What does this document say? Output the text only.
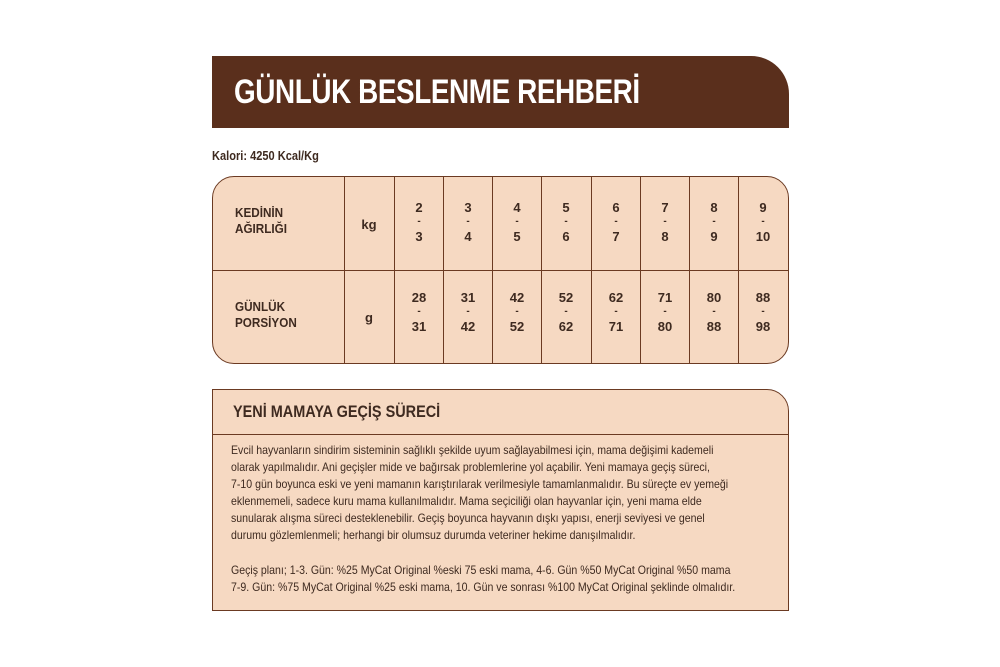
GÜNLÜK BESLENME REHBERİ
Kalori: 4250 Kcal/Kg
KEDİNİN
AĞIRLIĞI	kg
GÜNLÜK
PORSİYON	g
2
-
3
3
-
4
4
-
5
5
-
6
6
-
7
7
-
8
8
-
9
9
-
10
28
-
31
31
-
42
42
-
52
52
-
62
62
-
71
71
-
80
80
-
88
88
-
98
YENİ MAMAYA GEÇİŞ SÜRECİ
Evcil hayvanların sindirim sisteminin sağlıklı şekilde uyum sağlayabilmesi için, mama değişimi kademeli
olarak yapılmalıdır. Ani geçişler mide ve bağırsak problemlerine yol açabilir. Yeni mamaya geçiş süreci,
7-10 gün boyunca eski ve yeni mamanın karıştırılarak verilmesiyle tamamlanmalıdır. Bu süreçte ev yemeği
eklenmemeli, sadece kuru mama kullanılmalıdır. Mama seçiciliği olan hayvanlar için, yeni mama elde
sunularak alışma süreci desteklenebilir. Geçiş boyunca hayvanın dışkı yapısı, enerji seviyesi ve genel
durumu gözlemlenmeli; herhangi bir olumsuz durumda veteriner hekime danışılmalıdır.
Geçiş planı; 1-3. Gün: %25 MyCat Original %eski 75 eski mama, 4-6. Gün %50 MyCat Original %50 mama
7-9. Gün: %75 MyCat Original %25 eski mama, 10. Gün ve sonrası %100 MyCat Original şeklinde olmalıdır.
